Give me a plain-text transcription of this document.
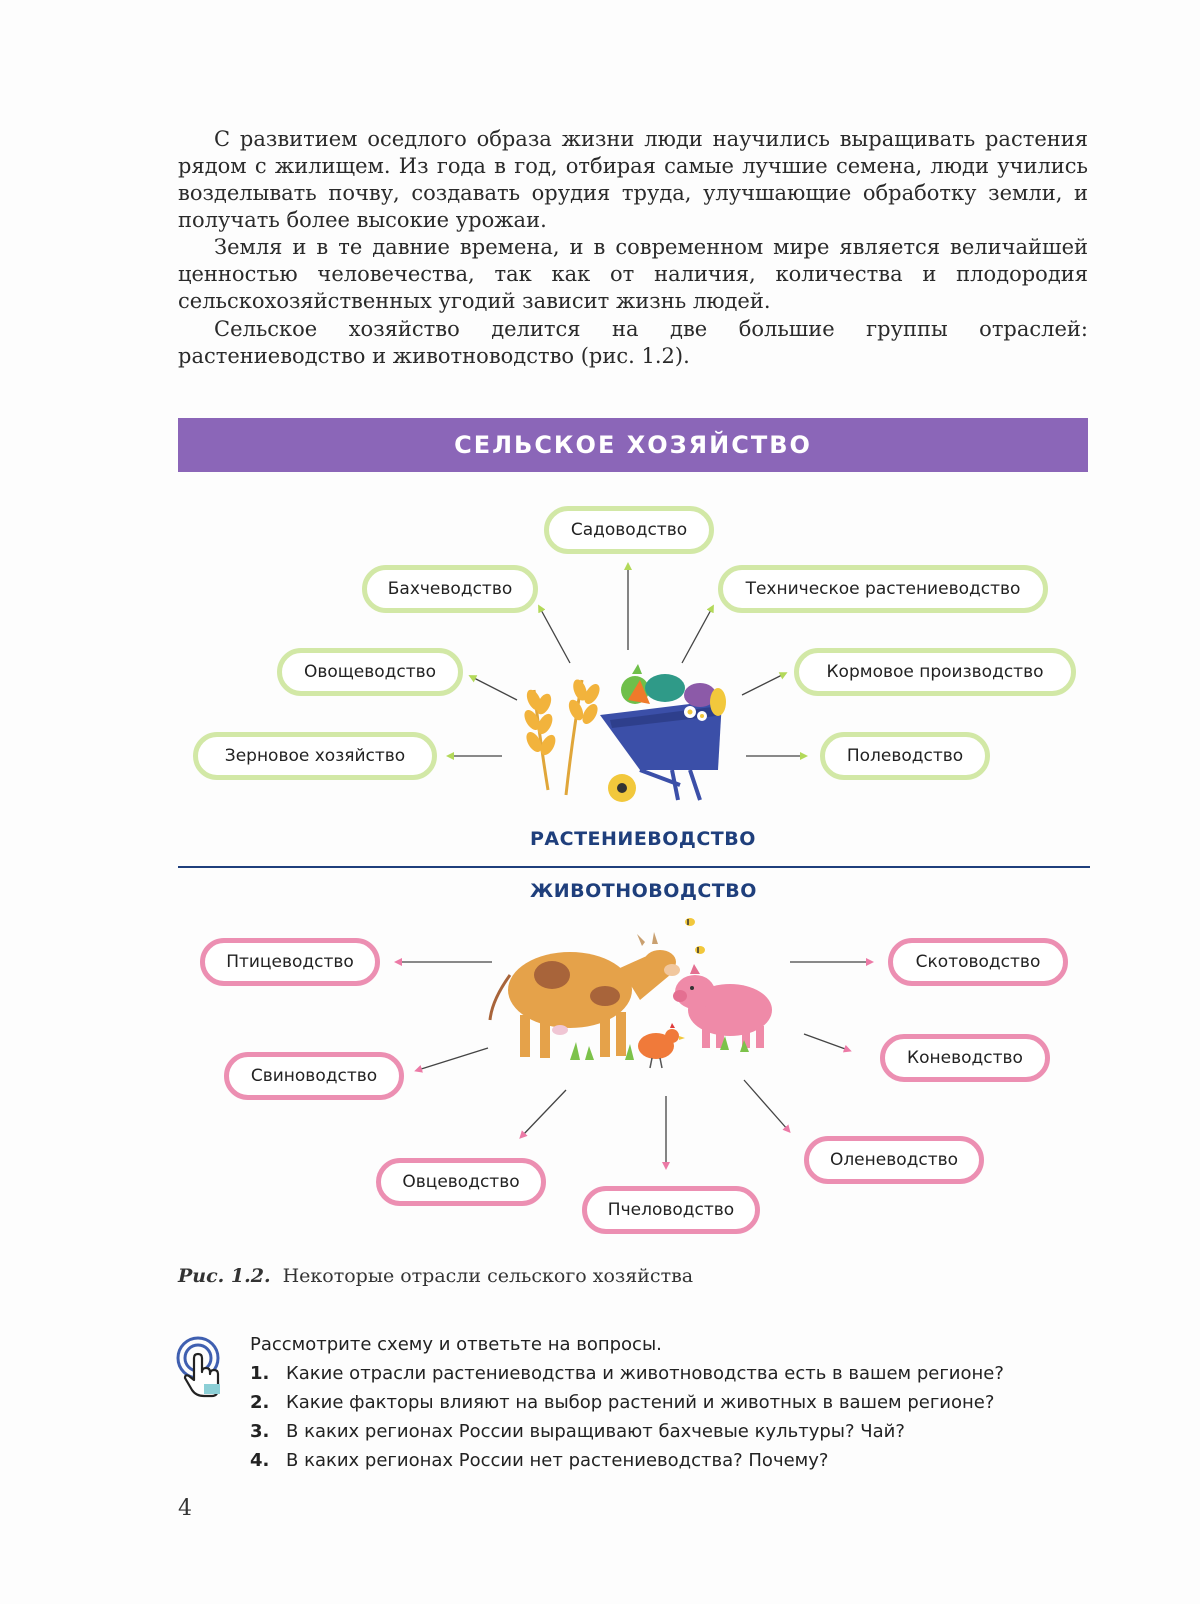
С развитием оседлого образа жизни люди научились выращивать растения рядом с жилищем. Из года в год, отбирая самые лучшие семена, люди учились возделывать почву, создавать орудия труда, улучшающие обработку земли, и получать более высокие урожаи.
Земля и в те давние времена, и в современном мире является величайшей ценностью человечества, так как от наличия, количества и плодородия сельскохозяйственных угодий зависит жизнь людей.
Сельское хозяйство делится на две большие группы отраслей: растениеводство и животноводство (рис. 1.2).
СЕЛЬСКОЕ ХОЗЯЙСТВО
Садоводство
Бахчеводство	Техническое растениеводство
Овощеводство	Кормовое производство
Зерновое хозяйство	Полеводство
РАСТЕНИЕВОДСТВО
ЖИВОТНОВОДСТВО
Птицеводство	Скотоводство
Свиноводство
Коневодство
Овцеводство
Оленеводство
Пчеловодство
Рис. 1.2. Некоторые отрасли сельского хозяйства
Рассмотрите схему и ответьте на вопросы.
1. Какие отрасли растениеводства и животноводства есть в вашем регионе?
2. Какие факторы влияют на выбор растений и животных в вашем регионе?
3. В каких регионах России выращивают бахчевые культуры? Чай?
4. В каких регионах России нет растениеводства? Почему?
4
